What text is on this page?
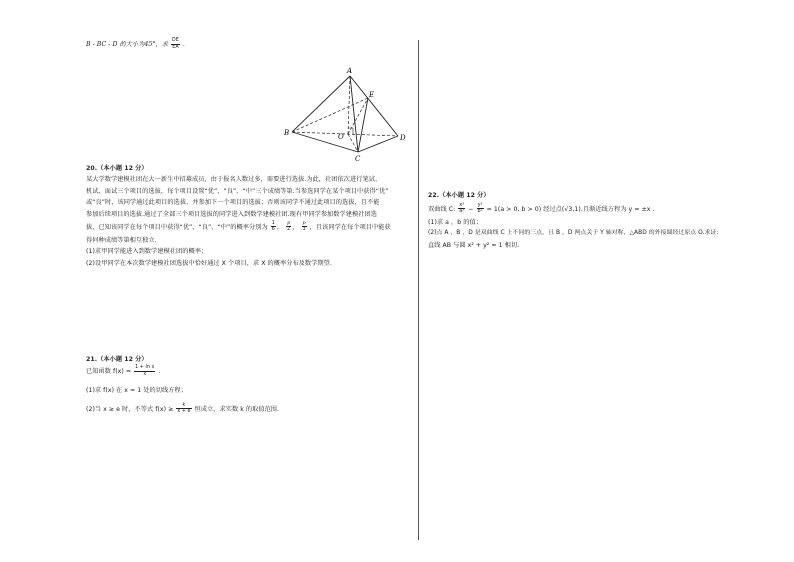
B - BC - D 的大小为45°，求 $\frac{DE}{EA}$ .
20.（本小题 12 分）
某大学数学建模社团在大一新生中招募成员，由于报名人数过多，需要进行选拔.为此，社团依次进行笔试、
机试、面试三个项目的选拔，每个项目设置“优”、“良”、“中”三个成绩等第.当参选同学在某个项目中获得“优”
或“良”时，该同学通过此项目的选拔，并参加下一个项目的选拔；否则该同学不通过此项目的选拔，且不能
参加后续项目的选拔.通过了全部三个项目选拔的同学进入到数学建模社团.现有甲同学参加数学建模社团选
拔，已知该同学在每个项目中获得“优”、“良”、“中”的概率分别为 $\frac{1}{6}$ ， $\frac{p}{2}$ ， $\frac{p}{3}$ ，且该同学在每个项目中能获
得何种成绩等第相互独立.
(1)求甲同学能进入到数学建模社团的概率；
(2)设甲同学在本次数学建模社团选拔中恰好通过 X 个项目，求 X 的概率分布及数学期望.
21.（本小题 12 分）
已知函数 $f(x) = \frac{\text{1 + ln x}}{x}$ .
(1)求 f(x) 在 x = 1 处的切线方程；
(2)当 x ≥ e 时，不等式 $f(x) \ge \frac{k}{x + e}$ 恒成立，求实数 k 的取值范围.
A
B
C
D
E
O
22.（本小题 12 分）
双曲线 C: $\frac{\text{x²}}{\text{a²}} - \frac{\text{y²}}{\text{b²}} = 1(a > 0$, b > 0) 经过点(√3,1),且渐近线方程为 y = ±x .
(1)求 a ，b 的值；
(2)点 A ，B ，D 是双曲线 C 上不同的三点，且 B ，D 两点关于 Y 轴对称，△ABD 的外接圆经过原点 O.求证:
直线 AB 与圆 x² + y² = 1 相切.
